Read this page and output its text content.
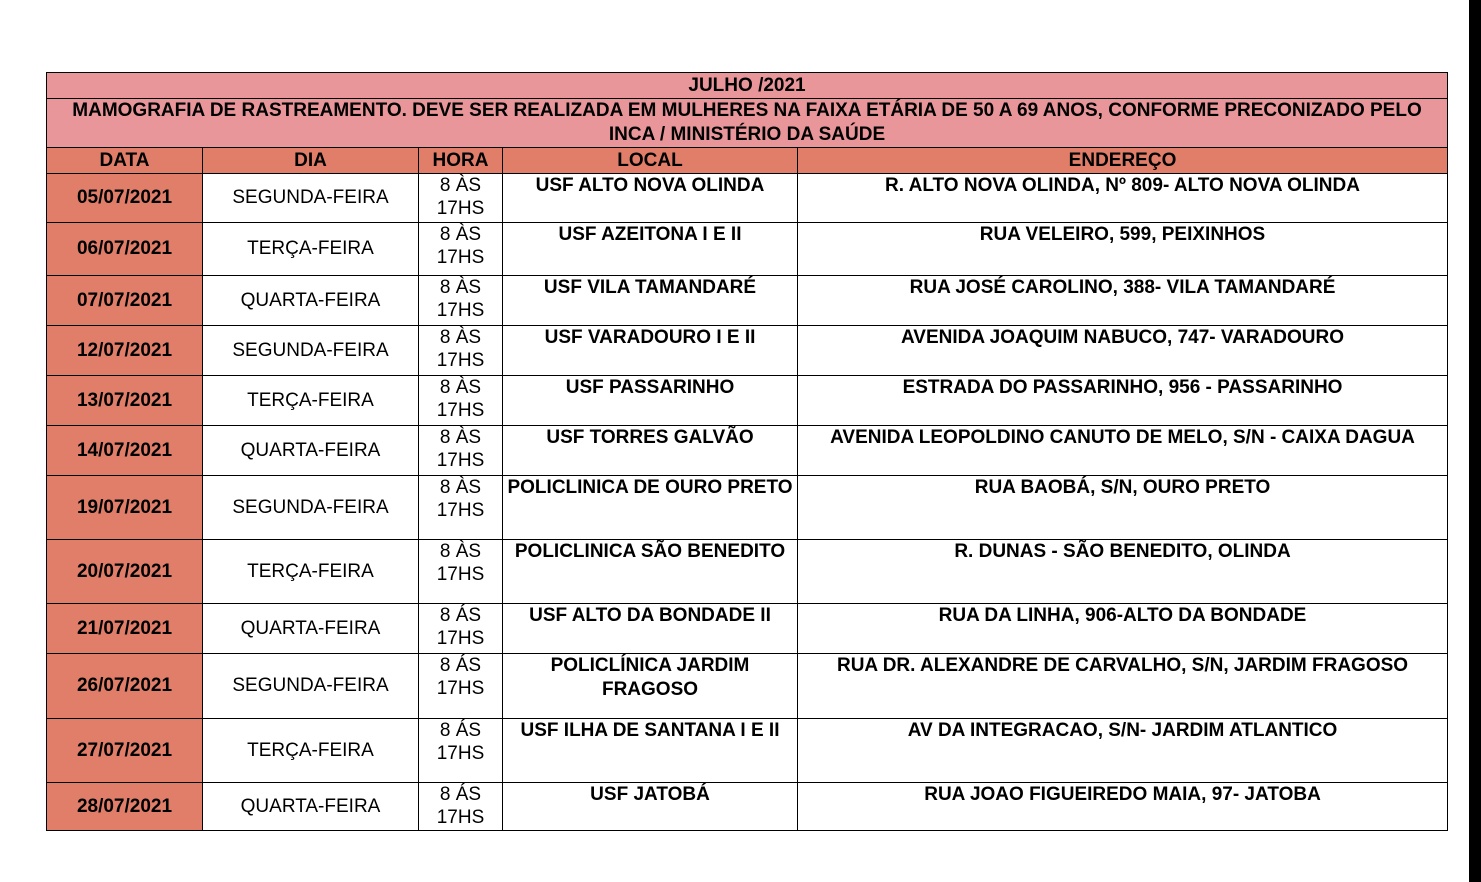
JULHO /2021				
MAMOGRAFIA DE RASTREAMENTO. DEVE SER REALIZADA EM MULHERES NA FAIXA ETÁRIA DE 50 A 69 ANOS, CONFORME PRECONIZADO PELO INCA / MINISTÉRIO DA SAÚDE				
DATA	DIA	HORA	LOCAL	ENDEREÇO
05/07/2021	SEGUNDA-FEIRA	8 ÀS 17HS	USF ALTO NOVA OLINDA	R. ALTO NOVA OLINDA, Nº 809- ALTO NOVA OLINDA
06/07/2021	TERÇA-FEIRA	8 ÀS 17HS	USF AZEITONA I E II	RUA VELEIRO, 599, PEIXINHOS
07/07/2021	QUARTA-FEIRA	8 ÀS 17HS	USF VILA TAMANDARÉ	RUA JOSÉ CAROLINO, 388- VILA TAMANDARÉ
12/07/2021	SEGUNDA-FEIRA	8 ÀS 17HS	USF VARADOURO I E II	AVENIDA JOAQUIM NABUCO, 747- VARADOURO
13/07/2021	TERÇA-FEIRA	8 ÀS 17HS	USF PASSARINHO	ESTRADA DO PASSARINHO, 956 - PASSARINHO
14/07/2021	QUARTA-FEIRA	8 ÀS 17HS	USF TORRES GALVÃO	AVENIDA LEOPOLDINO CANUTO DE MELO, S/N - CAIXA DAGUA
19/07/2021	SEGUNDA-FEIRA	8 ÀS 17HS	POLICLINICA DE OURO PRETO	RUA BAOBÁ, S/N, OURO PRETO
20/07/2021	TERÇA-FEIRA	8 ÀS 17HS	POLICLINICA SÃO BENEDITO	R. DUNAS - SÃO BENEDITO, OLINDA
21/07/2021	QUARTA-FEIRA	8 ÁS 17HS	USF ALTO DA BONDADE II	RUA DA LINHA, 906-ALTO DA BONDADE
26/07/2021	SEGUNDA-FEIRA	8 ÁS 17HS	POLICLÍNICA JARDIM FRAGOSO	RUA DR. ALEXANDRE DE CARVALHO, S/N, JARDIM FRAGOSO
27/07/2021	TERÇA-FEIRA	8 ÁS 17HS	USF ILHA DE SANTANA I E II	AV DA INTEGRACAO, S/N- JARDIM ATLANTICO
28/07/2021	QUARTA-FEIRA	8 ÁS 17HS	USF JATOBÁ	RUA JOAO FIGUEIREDO MAIA, 97- JATOBA
